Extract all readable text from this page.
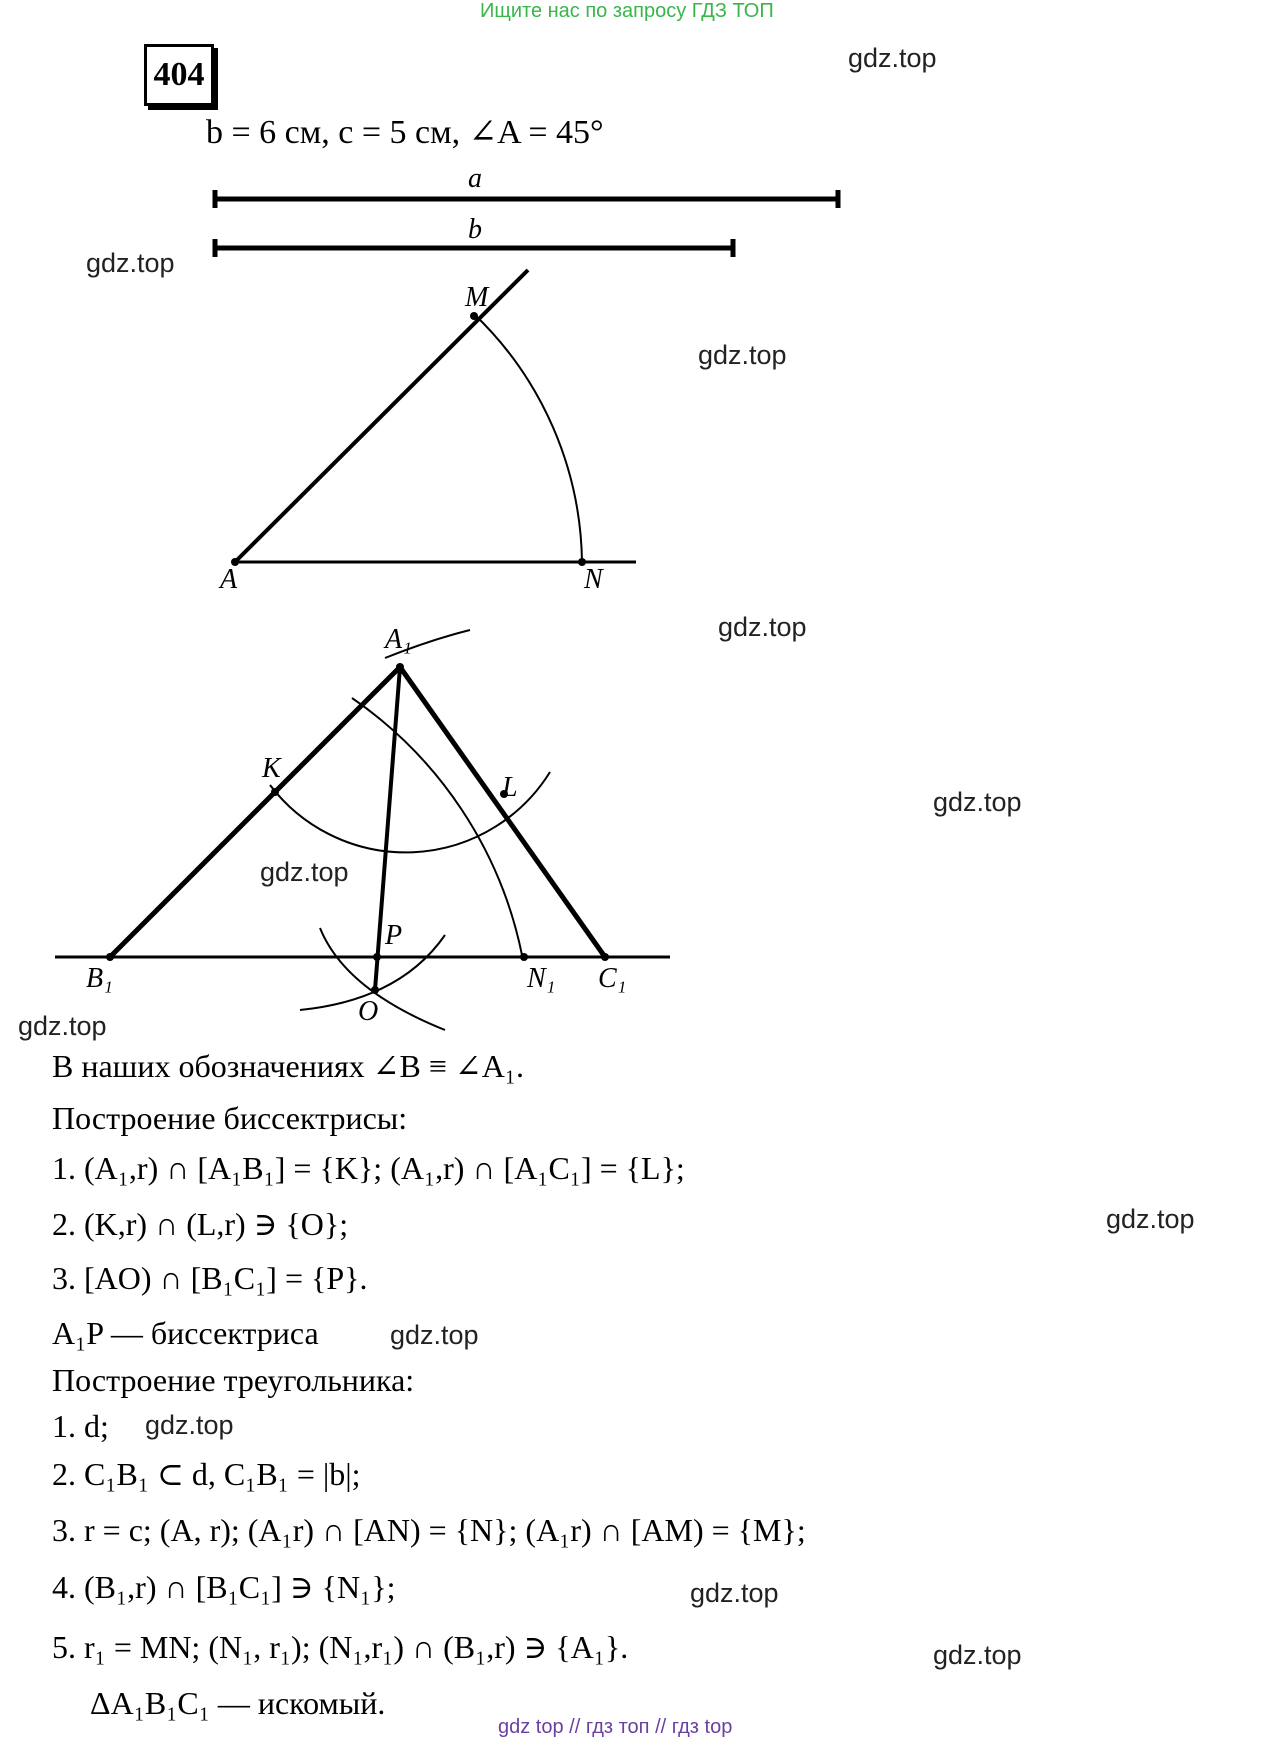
Ищите нас по запросу ГДЗ ТОП
404
b = 6 см, c = 5 см, ∠A = 45°
a
b
M
A	N
A₁
K
L
P
B₁	N₁ C₁
O
gdz.top
gdz.top
gdz.top
gdz.top
gdz.top
gdz.top
gdz.top
gdz.top
gdz.top
gdz.top
gdz.top
gdz.top
В наших обозначениях ∠B ≡ ∠A₁.
Построение биссектрисы:
1. (A₁,r) ∩ [A₁B₁] = {K}; (A₁,r) ∩ [A₁C₁] = {L};
2. (K,r) ∩ (L,r) ∋ {O};
3. [AO) ∩ [B₁C₁] = {P}.
A₁P — биссектриса
Построение треугольника:
1. d;
2. C₁B₁ ⊂ d, C₁B₁ = |b|;
3. r = c; (A, r); (A₁r) ∩ [AN) = {N}; (A₁r) ∩ [AM) = {M};
4. (B₁,r) ∩ [B₁C₁] ∋ {N₁};
5. r₁ = MN; (N₁, r₁); (N₁,r₁) ∩ (B₁,r) ∋ {A₁}.
ΔA₁B₁C₁ — искомый.
gdz top // гдз топ // гдз top
